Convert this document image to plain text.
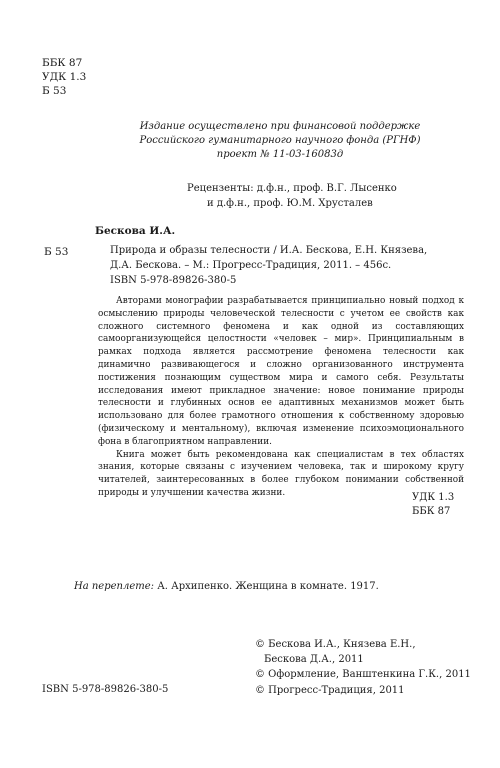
ББК 87
УДК 1.3
Б 53
Издание осуществлено при финансовой поддержке
Российского гуманитарного научного фонда (РГНФ)
проект № 11-03-16083д
Рецензенты: д.ф.н., проф. В.Г. Лысенко
и д.ф.н., проф. Ю.М. Хрусталев
Бескова И.А.
Б 53	Природа и образы телесности / И.А. Бескова, Е.Н. Князева,
Д.А. Бескова. – М.: Прогресс-Традиция, 2011. – 456с.
ISBN 5-978-89826-380-5

Авторами монографии разрабатывается принципиально новый подход к осмыслению природы человеческой телесности с учетом ее свойств как сложного системного феномена и как одной из составляющих самоорганизующейся целостности «человек – мир». Принципиальным в рамках подхода является рассмотрение феномена телесности как динамично развивающегося и сложно организованного инструмента постижения познающим существом мира и самого себя. Результаты исследования имеют прикладное значение: новое понимание природы телесности и глубинных основ ее адаптивных механизмов может быть использовано для более грамотного отношения к собственному здоровью (физическому и ментальному), включая изменение психоэмоционального фона в благоприятном направлении.

Книга может быть рекомендована как специалистам в тех областях знания, которые связаны с изучением человека, так и широкому кругу читателей, заинтересованных в более глубоком понимании собственной природы и улучшении качества жизни.	УДК 1.3
ББК 87
На переплете: А. Архипенко. Женщина в комнате. 1917.
© Бескова И.А., Князева Е.Н.,
Бескова Д.А., 2011
© Оформление, Ванштенкина Г.К., 2011
© Прогресс-Традиция, 2011
ISBN 5-978-89826-380-5
